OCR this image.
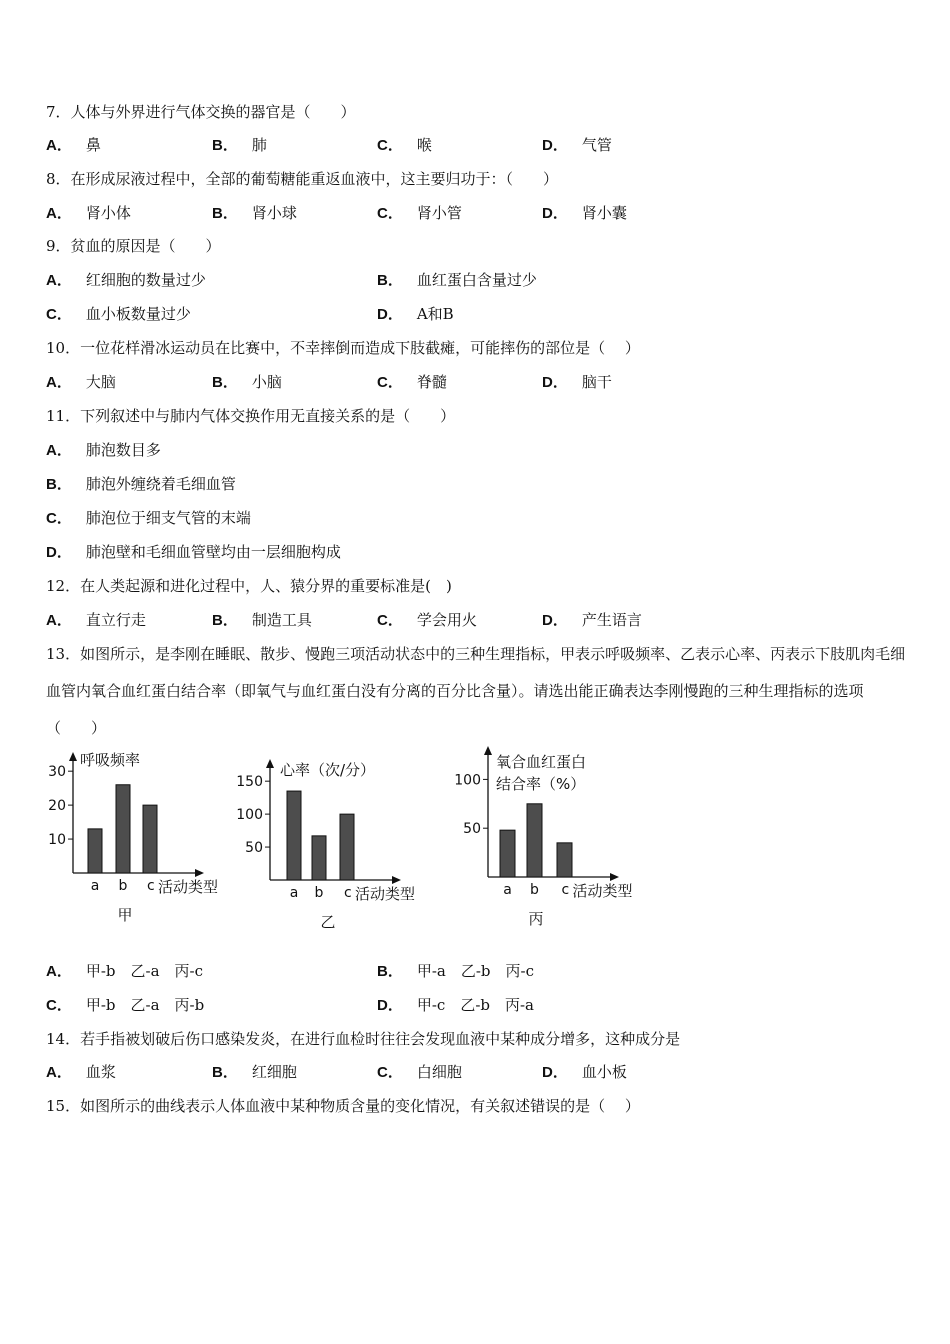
7．人体与外界进行气体交换的器官是（　　）
A． 鼻	B． 肺	C． 喉	D． 气管
8．在形成尿液过程中，全部的葡萄糖能重返血液中，这主要归功于：（　　）
A． 肾小体	B． 肾小球	C． 肾小管	D． 肾小囊
9．贫血的原因是（　　）
A． 红细胞的数量过少	B． 血红蛋白含量过少
C． 血小板数量过少	D． A和B
10．一位花样滑冰运动员在比赛中，不幸摔倒而造成下肢截瘫，可能摔伤的部位是（　 ）
A． 大脑	B． 小脑	C． 脊髓	D． 脑干
11．下列叙述中与肺内气体交换作用无直接关系的是（　　）
A． 肺泡数目多
B． 肺泡外缠绕着毛细血管
C． 肺泡位于细支气管的末端
D． 肺泡壁和毛细血管壁均由一层细胞构成
12．在人类起源和进化过程中，人、猿分界的重要标准是(　)
A． 直立行走	B． 制造工具	C． 学会用火	D． 产生语言
13．如图所示，是李刚在睡眠、散步、慢跑三项活动状态中的三种生理指标，甲表示呼吸频率、乙表示心率、丙表示下肢肌肉毛细血管内氧合血红蛋白结合率（即氧气与血红蛋白没有分离的百分比含量）。请选出能正确表达李刚慢跑的三种生理指标的选项（　　）
10
20
30
a b c 活动类型
呼吸频率
甲
50
100
150
a b c 活动类型
心率（次/分）
乙
50
100
a b c 活动类型
氧合血红蛋白
结合率（%）
丙
A． 甲-b　乙-a　丙-c	B． 甲-a　乙-b　丙-c
C． 甲-b　乙-a　丙-b	D． 甲-c　乙-b　丙-a
14．若手指被划破后伤口感染发炎，在进行血检时往往会发现血液中某种成分增多，这种成分是
A． 血浆	B． 红细胞	C． 白细胞	D． 血小板
15．如图所示的曲线表示人体血液中某种物质含量的变化情况，有关叙述错误的是（　 ）
